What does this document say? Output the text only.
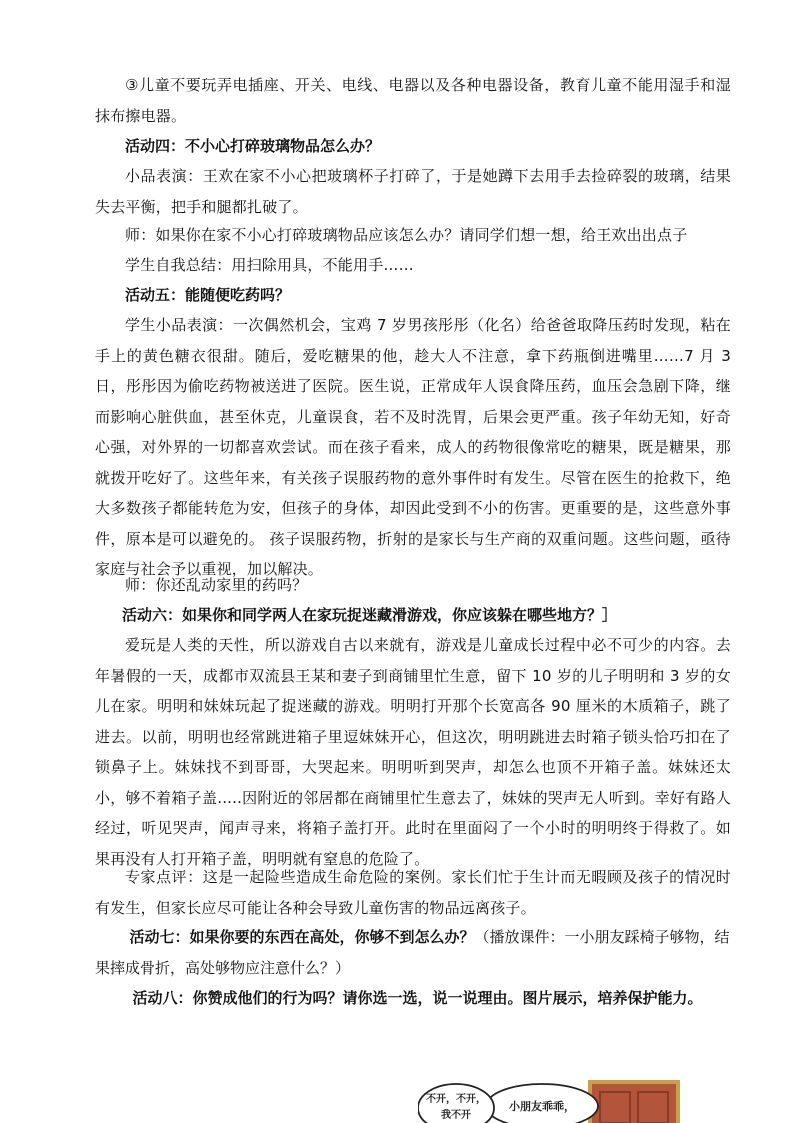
③儿童不要玩弄电插座、开关、电线、电器以及各种电器设备，教育儿童不能用湿手和湿抹布擦电器。

活动四：不小心打碎玻璃物品怎么办？

小品表演：王欢在家不小心把玻璃杯子打碎了，于是她蹲下去用手去捡碎裂的玻璃，结果失去平衡，把手和腿都扎破了。

师：如果你在家不小心打碎玻璃物品应该怎么办？请同学们想一想，给王欢出出点子

学生自我总结：用扫除用具，不能用手……

活动五：能随便吃药吗？

学生小品表演：一次偶然机会，宝鸡 7 岁男孩彤彤（化名）给爸爸取降压药时发现，粘在手上的黄色糖衣很甜。随后，爱吃糖果的他，趁大人不注意，拿下药瓶倒进嘴里……7 月 3 日，彤彤因为偷吃药物被送进了医院。医生说，正常成年人误食降压药，血压会急剧下降，继而影响心脏供血，甚至休克，儿童误食，若不及时洗胃，后果会更严重。孩子年幼无知，好奇心强，对外界的一切都喜欢尝试。而在孩子看来，成人的药物很像常吃的糖果，既是糖果，那就拨开吃好了。这些年来，有关孩子误服药物的意外事件时有发生。尽管在医生的抢救下，绝大多数孩子都能转危为安，但孩子的身体，却因此受到不小的伤害。更重要的是，这些意外事件，原本是可以避免的。 孩子误服药物，折射的是家长与生产商的双重问题。这些问题，亟待家庭与社会予以重视，加以解决。

师：你还乱动家里的药吗？

活动六：如果你和同学两人在家玩捉迷藏滑游戏，你应该躲在哪些地方？］

爱玩是人类的天性，所以游戏自古以来就有，游戏是儿童成长过程中必不可少的内容。去年暑假的一天，成都市双流县王某和妻子到商铺里忙生意，留下 10 岁的儿子明明和 3 岁的女儿在家。明明和妹妹玩起了捉迷藏的游戏。明明打开那个长宽高各 90 厘米的木质箱子，跳了进去。以前，明明也经常跳进箱子里逗妹妹开心，但这次，明明跳进去时箱子锁头恰巧扣在了锁鼻子上。妹妹找不到哥哥，大哭起来。明明听到哭声，却怎么也顶不开箱子盖。妹妹还太小，够不着箱子盖.....因附近的邻居都在商铺里忙生意去了，妹妹的哭声无人听到。幸好有路人经过，听见哭声，闻声寻来，将箱子盖打开。此时在里面闷了一个小时的明明终于得救了。如果再没有人打开箱子盖，明明就有窒息的危险了。

专家点评：这是一起险些造成生命危险的案例。家长们忙于生计而无暇顾及孩子的情况时有发生，但家长应尽可能让各种会导致儿童伤害的物品远离孩子。

活动七：如果你要的东西在高处，你够不到怎么办？（播放课件：一小朋友踩椅子够物，结果摔成骨折，高处够物应注意什么？）

活动八：你赞成他们的行为吗？请你选一选，说一说理由。图片展示，培养保护能力。

小朋友乖乖，
不开，不开，
我不开
